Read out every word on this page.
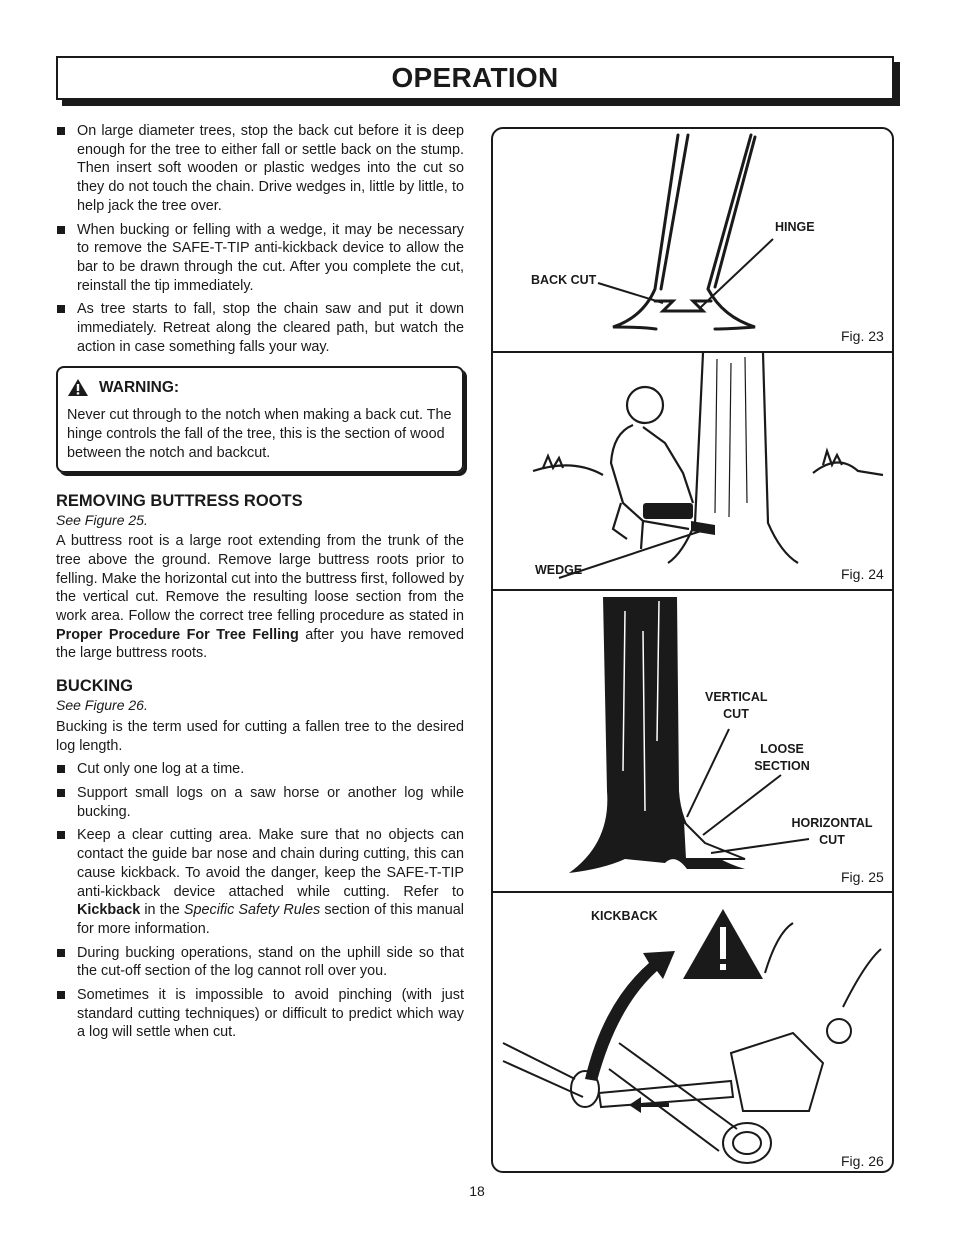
OPERATION
On large diameter trees, stop the back cut before it is deep enough for the tree to either fall or settle back on the stump. Then insert soft wooden or plastic wedges into the cut so they do not touch the chain. Drive wedges in, little by little, to help jack the tree over.
When bucking or felling with a wedge, it may be necessary to remove the SAFE-T-TIP anti-kickback device to allow the bar to be drawn through the cut. After you complete the cut, reinstall the tip immediately.
As tree starts to fall, stop the chain saw and put it down immediately. Retreat along the cleared path, but watch the action in case something falls your way.
WARNING:

Never cut through to the notch when making a back cut. The hinge controls the fall of the tree, this is the section of wood between the notch and backcut.

REMOVING BUTTRESS ROOTS

See Figure 25.

A buttress root is a large root extending from the trunk of the tree above the ground. Remove large buttress roots prior to felling. Make the horizontal cut into the buttress first, followed by the vertical cut. Remove the resulting loose section from the work area. Follow the correct tree felling procedure as stated in Proper Procedure For Tree Felling after you have removed the large buttress roots.

BUCKING

See Figure 26.

Bucking is the term used for cutting a fallen tree to the desired log length.

Cut only one log at a time.
Support small logs on a saw horse or another log while bucking.
Keep a clear cutting area. Make sure that no objects can contact the guide bar nose and chain during cutting, this can cause kickback. To avoid the danger, keep the SAFE-T-TIP anti-kickback device attached while cutting. Refer to Kickback in the Specific Safety Rules section of this manual for more information.
During bucking operations, stand on the uphill side so that the cut-off section of the log cannot roll over you.
Sometimes it is impossible to avoid pinching (with just standard cutting techniques) or difficult to predict which way a log will settle when cut.
HINGE
BACK CUT
Fig. 23
WEDGE	Fig. 24
VERTICAL
CUT
LOOSE
SECTION
HORIZONTAL
CUT
Fig. 25
KICKBACK
Fig. 26
18
